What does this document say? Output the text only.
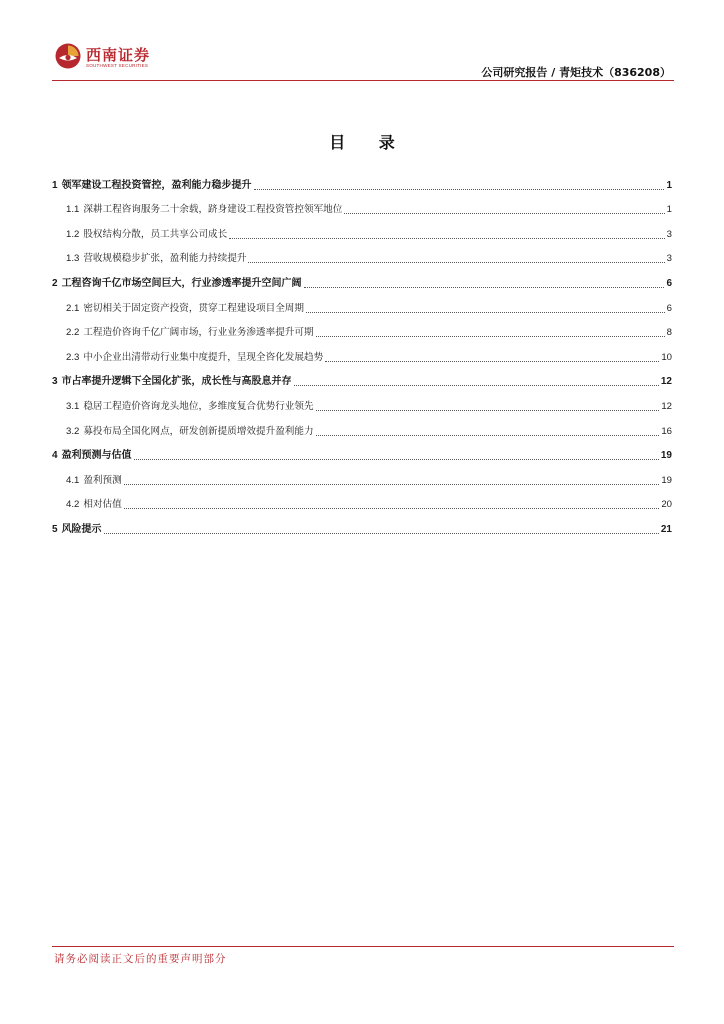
西南证券
SOUTHWEST SECURITIES
公司研究报告 / 青矩技术（836208）
目 录
1 领军建设工程投资管控，盈利能力稳步提升	1
1.1 深耕工程咨询服务二十余载，跻身建设工程投资管控领军地位	1
1.2 股权结构分散，员工共享公司成长	3
1.3 营收规模稳步扩张，盈利能力持续提升	3
2 工程咨询千亿市场空间巨大，行业渗透率提升空间广阔	6
2.1 密切相关于固定资产投资，贯穿工程建设项目全周期	6
2.2 工程造价咨询千亿广阔市场，行业业务渗透率提升可期	8
2.3 中小企业出清带动行业集中度提升，呈现全咨化发展趋势	10
3 市占率提升逻辑下全国化扩张，成长性与高股息并存	12
3.1 稳居工程造价咨询龙头地位，多维度复合优势行业领先	12
3.2 募投布局全国化网点，研发创新提质增效提升盈利能力	16
4 盈利预测与估值	19
4.1 盈利预测	19
4.2 相对估值	20
5 风险提示	21
请务必阅读正文后的重要声明部分
